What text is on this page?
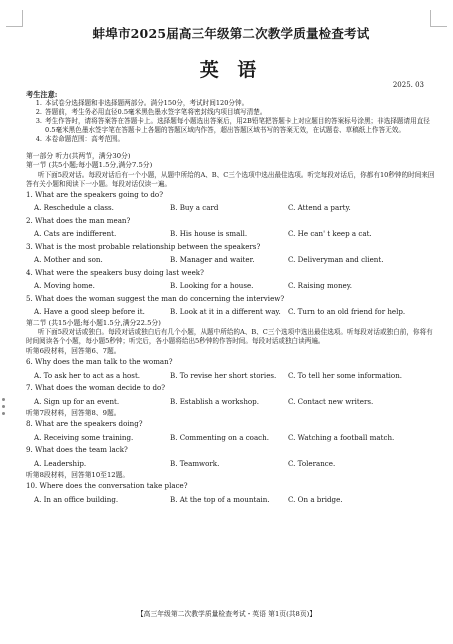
蚌埠市2025届高三年级第二次教学质量检查考试
英 语
2025. 03
考生注意:
1. 本试卷分选择题和非选择题两部分。满分150分，考试时间120分钟。
2. 答题前，考生务必用直径0.5毫米黑色墨水签字笔将密封线内项目填写清楚。
3. 考生作答时，请将答案答在答题卡上。选择题每小题选出答案后，用2B铅笔把答题卡上对应题目的答案标号涂黑；非选择题请用直径0.5毫米黑色墨水签字笔在答题卡上各题的答题区域内作答，超出答题区域书写的答案无效，在试题卷、草稿纸上作答无效。
4. 本卷命题范围：高考范围。
第一部分 听力(共两节，满分30分)
第一节 (共5小题;每小题1.5分,满分7.5分)
听下面5段对话。每段对话后有一个小题，从题中所给的A、B、C三个选项中选出最佳选项。听完每段对话后，你都有10秒钟的时间来回答有关小题和阅读下一小题。每段对话仅读一遍。
1. What are the speakers going to do?
A. Reschedule a class.	B. Buy a card	C. Attend a party.
2. What does the man mean?
A. Cats are indifferent.	B. His house is small.	C. He can' t keep a cat.
3. What is the most probable relationship between the speakers?
A. Mother and son.	B. Manager and waiter.	C. Deliveryman and client.
4. What were the speakers busy doing last week?
A. Moving home.	B. Looking for a house.	C. Raising money.
5. What does the woman suggest the man do concerning the interview?
A. Have a good sleep before it.	B. Look at it in a different way.	C. Turn to an old friend for help.
第二节 (共15小题;每小题1.5分,满分22.5分)
听下面5段对话或独白。每段对话或独白后有几个小题，从题中所给的A、B、C三个选项中选出最佳选项。听每段对话或独白前，你将有时间阅读各个小题，每小题5秒钟；听完后，各小题将给出5秒钟的作答时间。每段对话或独白读两遍。
听第6段材料，回答第6、7题。
6. Why does the man talk to the woman?
A. To ask her to act as a host.	B. To revise her short stories.	C. To tell her some information.
7. What does the woman decide to do?
A. Sign up for an event.	B. Establish a workshop.	C. Contact new writers.
听第7段材料，回答第8、9题。
8. What are the speakers doing?
A. Receiving some training.	B. Commenting on a coach.	C. Watching a football match.
9. What does the team lack?
A. Leadership.	B. Teamwork.	C. Tolerance.
听第8段材料，回答第10至12题。
10. Where does the conversation take place?
A. In an office building.	B. At the top of a mountain.	C. On a bridge.
【高三年级第二次教学质量检查考试・英语 第1页(共8页)】
